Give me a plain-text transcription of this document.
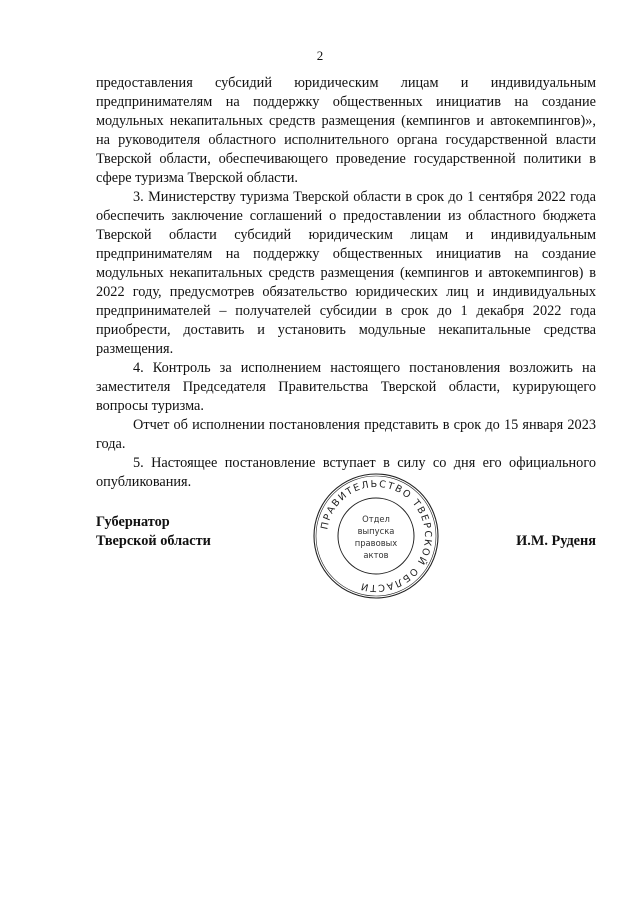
2

предоставления субсидий юридическим лицам и индивидуальным предпринимателям на поддержку общественных инициатив на создание модульных некапитальных средств размещения (кемпингов и автокемпингов)», на руководителя областного исполнительного органа государственной власти Тверской области, обеспечивающего проведение государственной политики в сфере туризма Тверской области.

3. Министерству туризма Тверской области в срок до 1 сентября 2022 года обеспечить заключение соглашений о предоставлении из областного бюджета Тверской области субсидий юридическим лицам и индивидуальным предпринимателям на поддержку общественных инициатив на создание модульных некапитальных средств размещения (кемпингов и автокемпингов) в 2022 году, предусмотрев обязательство юридических лиц и индивидуальных предпринимателей – получателей субсидии в срок до 1 декабря 2022 года приобрести, доставить и установить модульные некапитальные средства размещения.

4. Контроль за исполнением настоящего постановления возложить на заместителя Председателя Правительства Тверской области, курирующего вопросы туризма.

Отчет об исполнении постановления представить в срок до 15 января 2023 года.

5. Настоящее постановление вступает в силу со дня его официального опубликования.

Губернатор
Тверской области
ПРАВИТЕЛЬСТВО ТВЕРСКОЙ ОБЛАСТИ
Отдел
выпуска
правовых
актов
И.М. Руденя
